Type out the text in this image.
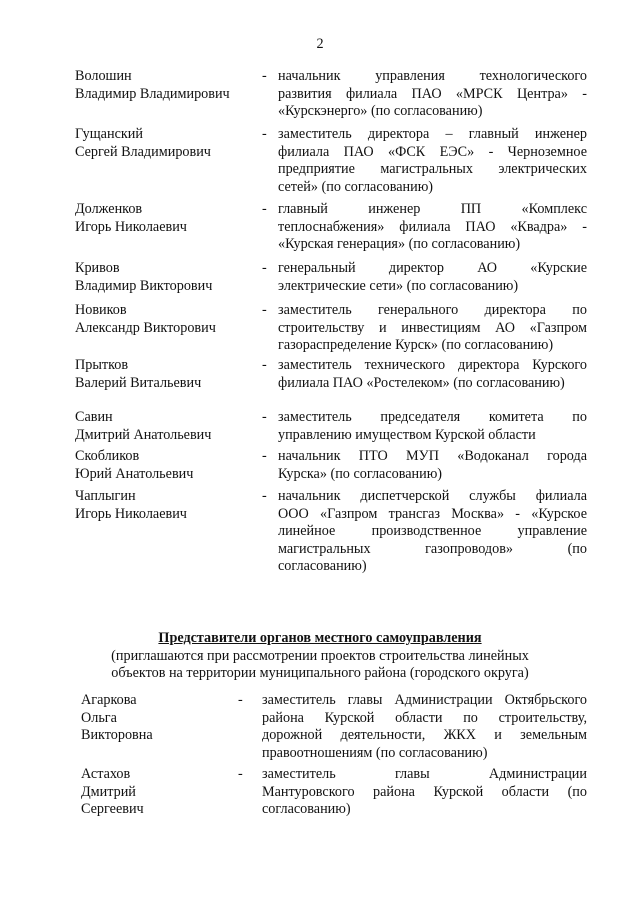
2
Волошин
Владимир Владимирович
- начальник управления технологического
развития филиала ПАО «МРСК Центра» -
«Курскэнерго» (по согласованию)
Гущанский
Сергей Владимирович
- заместитель директора – главный инженер
филиала ПАО «ФСК ЕЭС» - Черноземное
предприятие магистральных электрических
сетей» (по согласованию)
Долженков
Игорь Николаевич
- главный инженер ПП «Комплекс
теплоснабжения» филиала ПАО «Квадра» -
«Курская генерация» (по согласованию)
Кривов
Владимир Викторович
- генеральный директор АО «Курские
электрические сети» (по согласованию)
Новиков
Александр Викторович
- заместитель генерального директора по
строительству и инвестициям АО «Газпром
газораспределение Курск» (по согласованию)
Прытков
Валерий Витальевич
- заместитель технического директора Курского
филиала ПАО «Ростелеком» (по согласованию)
Савин
Дмитрий Анатольевич
- заместитель председателя комитета по
управлению имуществом Курской области
Скобликов
Юрий Анатольевич
- начальник ПТО МУП «Водоканал города
Курска» (по согласованию)
Чаплыгин
Игорь Николаевич
- начальник диспетчерской службы филиала
ООО «Газпром трансгаз Москва» - «Курское
линейное производственное управление
магистральных газопроводов» (по
согласованию)
Представители органов местного самоуправления
(приглашаются при рассмотрении проектов строительства линейных
объектов на территории муниципального района (городского округа)
Агаркова
Ольга
Викторовна
- заместитель главы Администрации Октябрьского
района Курской области по строительству,
дорожной деятельности, ЖКХ и земельным
правоотношениям (по согласованию)
Астахов
Дмитрий
Сергеевич
- заместитель главы Администрации
Мантуровского района Курской области (по
согласованию)
